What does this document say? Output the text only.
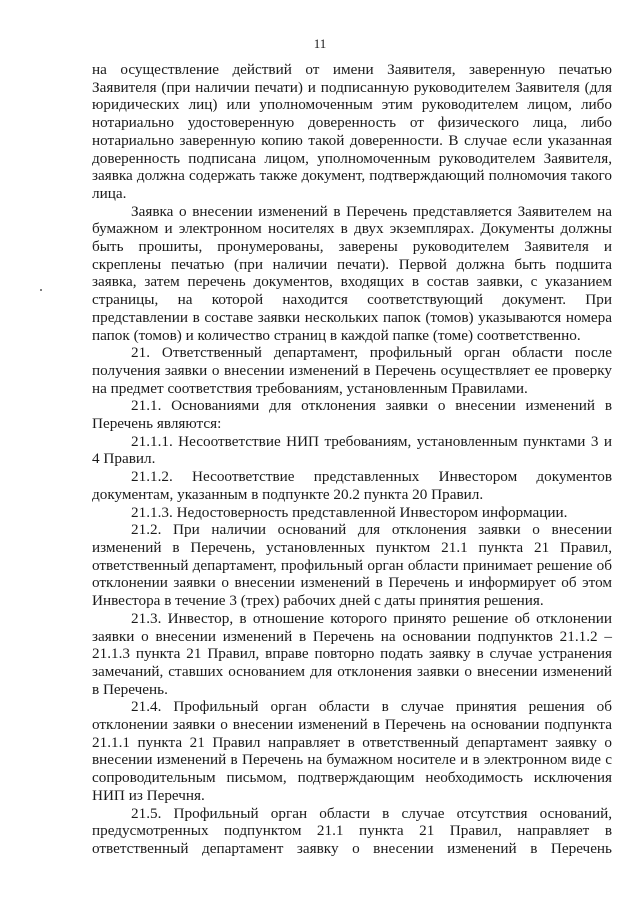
11

на осуществление действий от имени Заявителя, заверенную печатью Заявителя (при наличии печати) и подписанную руководителем Заявителя (для юридических лиц) или уполномоченным этим руководителем лицом, либо нотариально удостоверенную доверенность от физического лица, либо нотариально заверенную копию такой доверенности. В случае если указанная доверенность подписана лицом, уполномоченным руководителем Заявителя, заявка должна содержать также документ, подтверждающий полномочия такого лица.

Заявка о внесении изменений в Перечень представляется Заявителем на бумажном и электронном носителях в двух экземплярах. Документы должны быть прошиты, пронумерованы, заверены руководителем Заявителя и скреплены печатью (при наличии печати). Первой должна быть подшита заявка, затем перечень документов, входящих в состав заявки, с указанием страницы, на которой находится соответствующий документ. При представлении в составе заявки нескольких папок (томов) указываются номера папок (томов) и количество страниц в каждой папке (томе) соответственно.

21. Ответственный департамент, профильный орган области после получения заявки о внесении изменений в Перечень осуществляет ее проверку на предмет соответствия требованиям, установленным Правилами.

21.1. Основаниями для отклонения заявки о внесении изменений в Перечень являются:

21.1.1. Несоответствие НИП требованиям, установленным пунктами 3 и 4 Правил.

21.1.2. Несоответствие представленных Инвестором документов документам, указанным в подпункте 20.2 пункта 20 Правил.

21.1.3. Недостоверность представленной Инвестором информации.

21.2. При наличии оснований для отклонения заявки о внесении изменений в Перечень, установленных пунктом 21.1 пункта 21 Правил, ответственный департамент, профильный орган области принимает решение об отклонении заявки о внесении изменений в Перечень и информирует об этом Инвестора в течение 3 (трех) рабочих дней с даты принятия решения.

21.3. Инвестор, в отношение которого принято решение об отклонении заявки о внесении изменений в Перечень на основании подпунктов 21.1.2 – 21.1.3 пункта 21 Правил, вправе повторно подать заявку в случае устранения замечаний, ставших основанием для отклонения заявки о внесении изменений в Перечень.

21.4. Профильный орган области в случае принятия решения об отклонении заявки о внесении изменений в Перечень на основании подпункта 21.1.1 пункта 21 Правил направляет в ответственный департамент заявку о внесении изменений в Перечень на бумажном носителе и в электронном виде с сопроводительным письмом, подтверждающим необходимость исключения НИП из Перечня.

21.5. Профильный орган области в случае отсутствия оснований, предусмотренных подпунктом 21.1 пункта 21 Правил, направляет в ответственный департамент заявку о внесении изменений в Перечень
